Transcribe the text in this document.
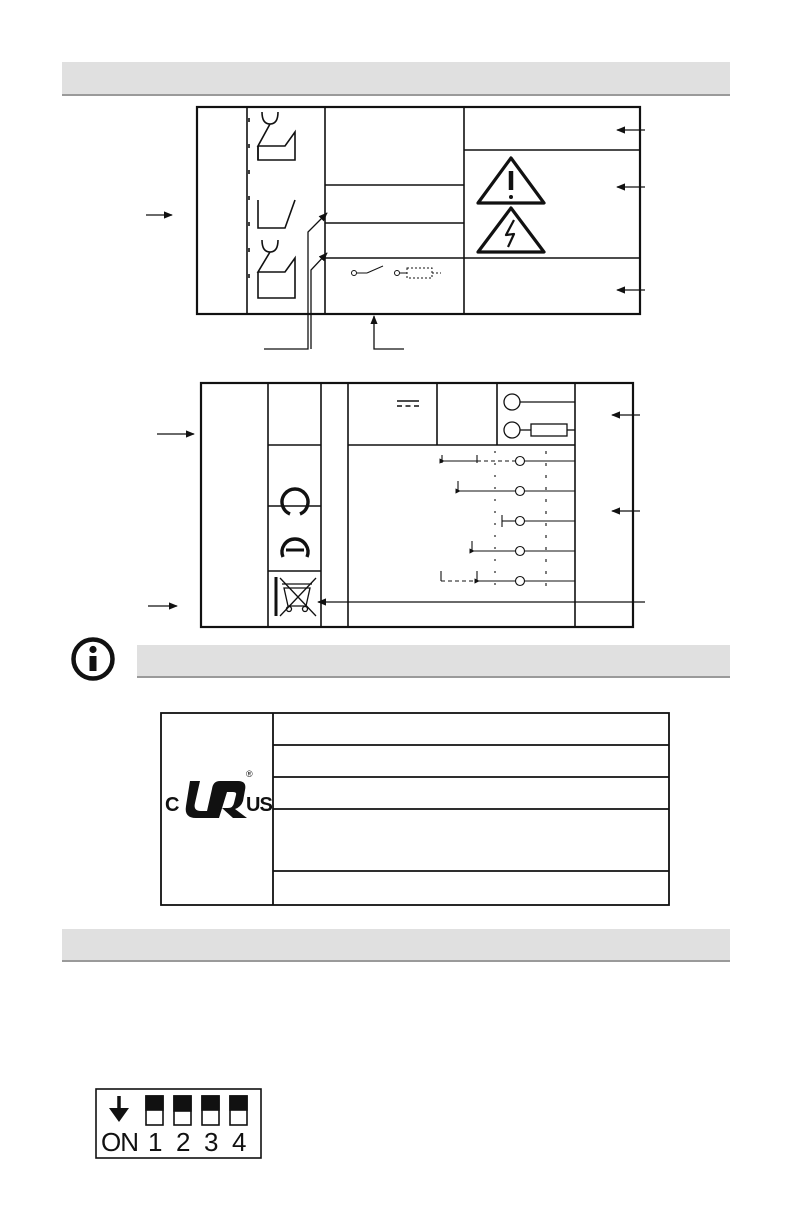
C	US
®
ON 1 2 3 4
